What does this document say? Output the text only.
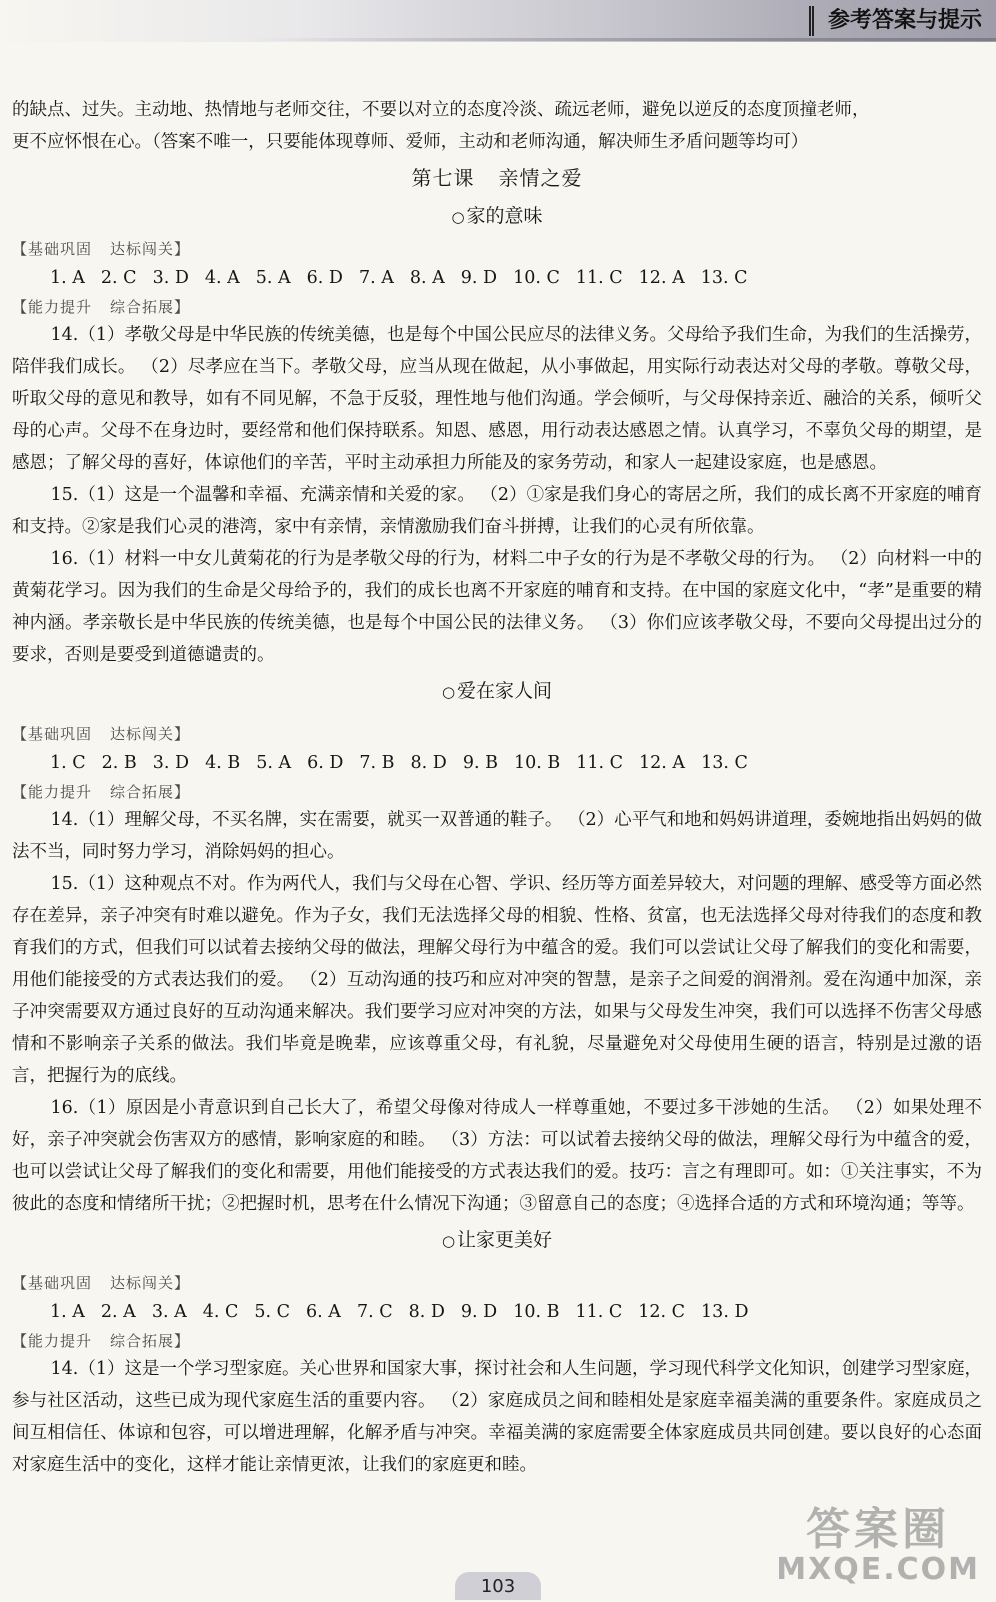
参考答案与提示

的缺点、过失。主动地、热情地与老师交往，不要以对立的态度冷淡、疏远老师，避免以逆反的态度顶撞老师，

更不应怀恨在心。（答案不唯一，只要能体现尊师、爱师，主动和老师沟通，解决师生矛盾问题等均可）

第七课 亲情之爱
○ 家的意味

【基础巩固 达标闯关】

1. A 2. C 3. D 4. A 5. A 6. D 7. A 8. A 9. D 10. C 11. C 12. A 13. C

【能力提升 综合拓展】

14.（1）孝敬父母是中华民族的传统美德，也是每个中国公民应尽的法律义务。父母给予我们生命，为我们的生活操劳，陪伴我们成长。 （2）尽孝应在当下。孝敬父母，应当从现在做起，从小事做起，用实际行动表达对父母的孝敬。尊敬父母，听取父母的意见和教导，如有不同见解，不急于反驳，理性地与他们沟通。学会倾听，与父母保持亲近、融洽的关系，倾听父母的心声。父母不在身边时，要经常和他们保持联系。知恩、感恩，用行动表达感恩之情。认真学习，不辜负父母的期望，是感恩；了解父母的喜好，体谅他们的辛苦，平时主动承担力所能及的家务劳动，和家人一起建设家庭，也是感恩。

15.（1）这是一个温馨和幸福、充满亲情和关爱的家。 （2）①家是我们身心的寄居之所，我们的成长离不开家庭的哺育和支持。②家是我们心灵的港湾，家中有亲情，亲情激励我们奋斗拼搏，让我们的心灵有所依靠。

16.（1）材料一中女儿黄菊花的行为是孝敬父母的行为，材料二中子女的行为是不孝敬父母的行为。 （2）向材料一中的黄菊花学习。因为我们的生命是父母给予的，我们的成长也离不开家庭的哺育和支持。在中国的家庭文化中，“孝”是重要的精神内涵。孝亲敬长是中华民族的传统美德，也是每个中国公民的法律义务。 （3）你们应该孝敬父母，不要向父母提出过分的要求，否则是要受到道德谴责的。

○ 爱在家人间

【基础巩固 达标闯关】

1. C 2. B 3. D 4. B 5. A 6. D 7. B 8. D 9. B 10. B 11. C 12. A 13. C

【能力提升 综合拓展】

14.（1）理解父母，不买名牌，实在需要，就买一双普通的鞋子。 （2）心平气和地和妈妈讲道理，委婉地指出妈妈的做法不当，同时努力学习，消除妈妈的担心。

15.（1）这种观点不对。作为两代人，我们与父母在心智、学识、经历等方面差异较大，对问题的理解、感受等方面必然存在差异，亲子冲突有时难以避免。作为子女，我们无法选择父母的相貌、性格、贫富，也无法选择父母对待我们的态度和教育我们的方式，但我们可以试着去接纳父母的做法，理解父母行为中蕴含的爱。我们可以尝试让父母了解我们的变化和需要，用他们能接受的方式表达我们的爱。 （2）互动沟通的技巧和应对冲突的智慧，是亲子之间爱的润滑剂。爱在沟通中加深，亲子冲突需要双方通过良好的互动沟通来解决。我们要学习应对冲突的方法，如果与父母发生冲突，我们可以选择不伤害父母感情和不影响亲子关系的做法。我们毕竟是晚辈，应该尊重父母，有礼貌，尽量避免对父母使用生硬的语言，特别是过激的语言，把握行为的底线。

16.（1）原因是小青意识到自己长大了，希望父母像对待成人一样尊重她，不要过多干涉她的生活。 （2）如果处理不好，亲子冲突就会伤害双方的感情，影响家庭的和睦。 （3）方法：可以试着去接纳父母的做法，理解父母行为中蕴含的爱，也可以尝试让父母了解我们的变化和需要，用他们能接受的方式表达我们的爱。技巧：言之有理即可。如：①关注事实，不为彼此的态度和情绪所干扰；②把握时机，思考在什么情况下沟通；③留意自己的态度；④选择合适的方式和环境沟通；等等。

○ 让家更美好

【基础巩固 达标闯关】

1. A 2. A 3. A 4. C 5. C 6. A 7. C 8. D 9. D 10. B 11. C 12. C 13. D

【能力提升 综合拓展】

14.（1）这是一个学习型家庭。关心世界和国家大事，探讨社会和人生问题，学习现代科学文化知识，创建学习型家庭，参与社区活动，这些已成为现代家庭生活的重要内容。 （2）家庭成员之间和睦相处是家庭幸福美满的重要条件。家庭成员之间互相信任、体谅和包容，可以增进理解，化解矛盾与冲突。幸福美满的家庭需要全体家庭成员共同创建。要以良好的心态面对家庭生活中的变化，这样才能让亲情更浓，让我们的家庭更和睦。

答案圈
MXQE.COM
103
